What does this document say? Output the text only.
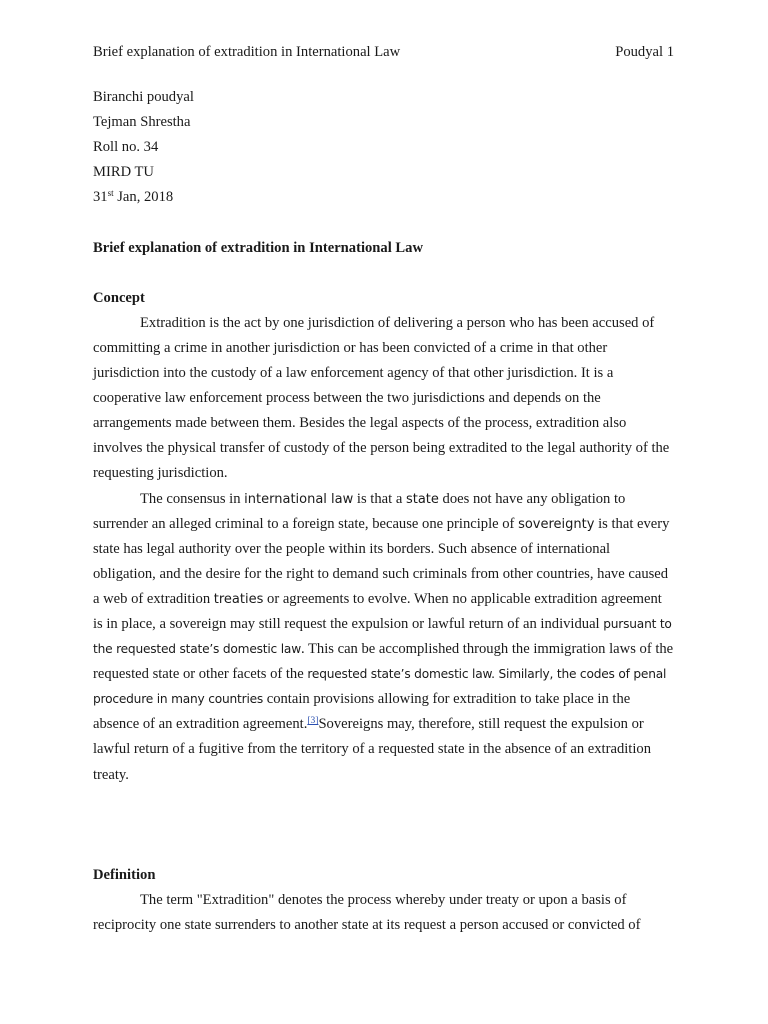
Brief explanation of extradition in International Law	Poudyal 1

Biranchi poudyal

Tejman Shrestha

Roll no. 34

MIRD TU

31st Jan, 2018

Brief explanation of extradition in International Law

Concept

Extradition is the act by one jurisdiction of delivering a person who has been accused of committing a crime in another jurisdiction or has been convicted of a crime in that other jurisdiction into the custody of a law enforcement agency of that other jurisdiction. It is a cooperative law enforcement process between the two jurisdictions and depends on the arrangements made between them. Besides the legal aspects of the process, extradition also involves the physical transfer of custody of the person being extradited to the legal authority of the requesting jurisdiction.

The consensus in international law is that a state does not have any obligation to surrender an alleged criminal to a foreign state, because one principle of sovereignty is that every state has legal authority over the people within its borders. Such absence of international obligation, and the desire for the right to demand such criminals from other countries, have caused a web of extradition treaties or agreements to evolve. When no applicable extradition agreement is in place, a sovereign may still request the expulsion or lawful return of an individual pursuant to the requested state’s domestic law. This can be accomplished through the immigration laws of the requested state or other facets of the requested state’s domestic law. Similarly, the codes of penal procedure in many countries contain provisions allowing for extradition to take place in the absence of an extradition agreement.[3]Sovereigns may, therefore, still request the expulsion or lawful return of a fugitive from the territory of a requested state in the absence of an extradition treaty.

Definition

The term "Extradition" denotes the process whereby under treaty or upon a basis of reciprocity one state surrenders to another state at its request a person accused or convicted of
